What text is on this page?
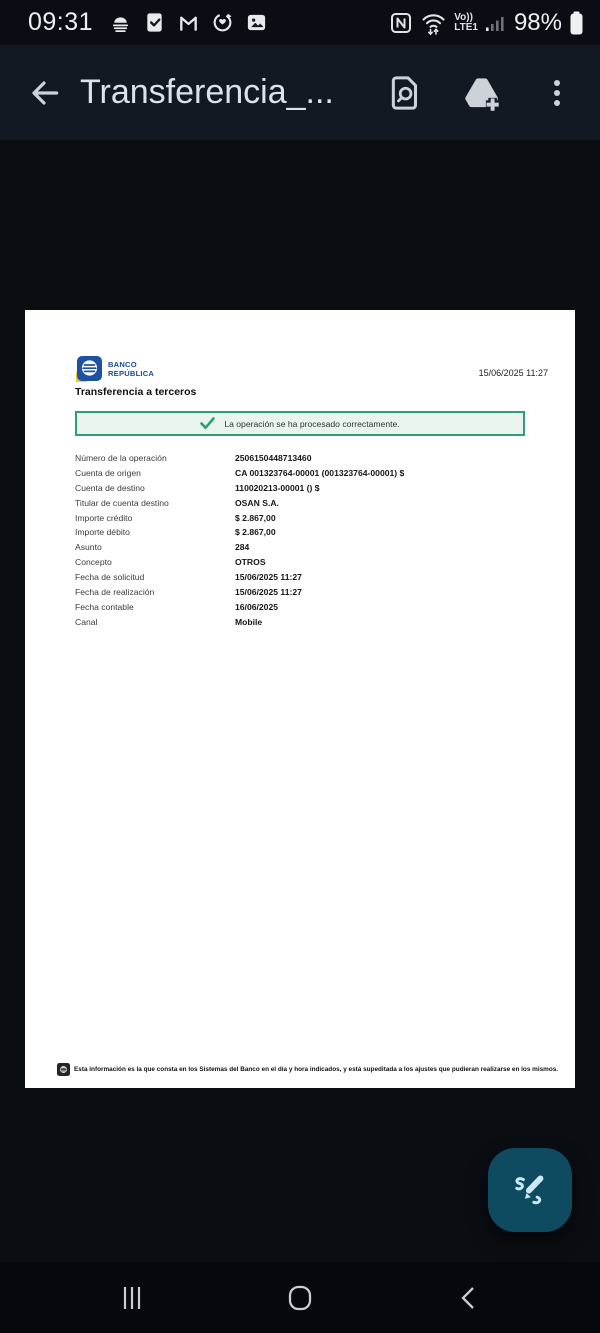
09:31	Vo))
LTE1 98%
Transferencia_...
BANCO
REPÚBLICA	15/06/2025 11:27
Transferencia a terceros
La operación se ha procesado correctamente.
Número de la operación	2506150448713460
Cuenta de origen	CA 001323764-00001 (001323764-00001) $
Cuenta de destino	110020213-00001 () $
Titular de cuenta destino	OSAN S.A.
Importe crédito	$ 2.867,00
Importe débito	$ 2.867,00
Asunto	284
Concepto	OTROS
Fecha de solicitud	15/06/2025 11:27
Fecha de realización	15/06/2025 11:27
Fecha contable	16/06/2025
Canal	Mobile
Esta información es la que consta en los Sistemas del Banco en el día y hora indicados, y está supeditada a los ajustes que pudieran realizarse en los mismos.
